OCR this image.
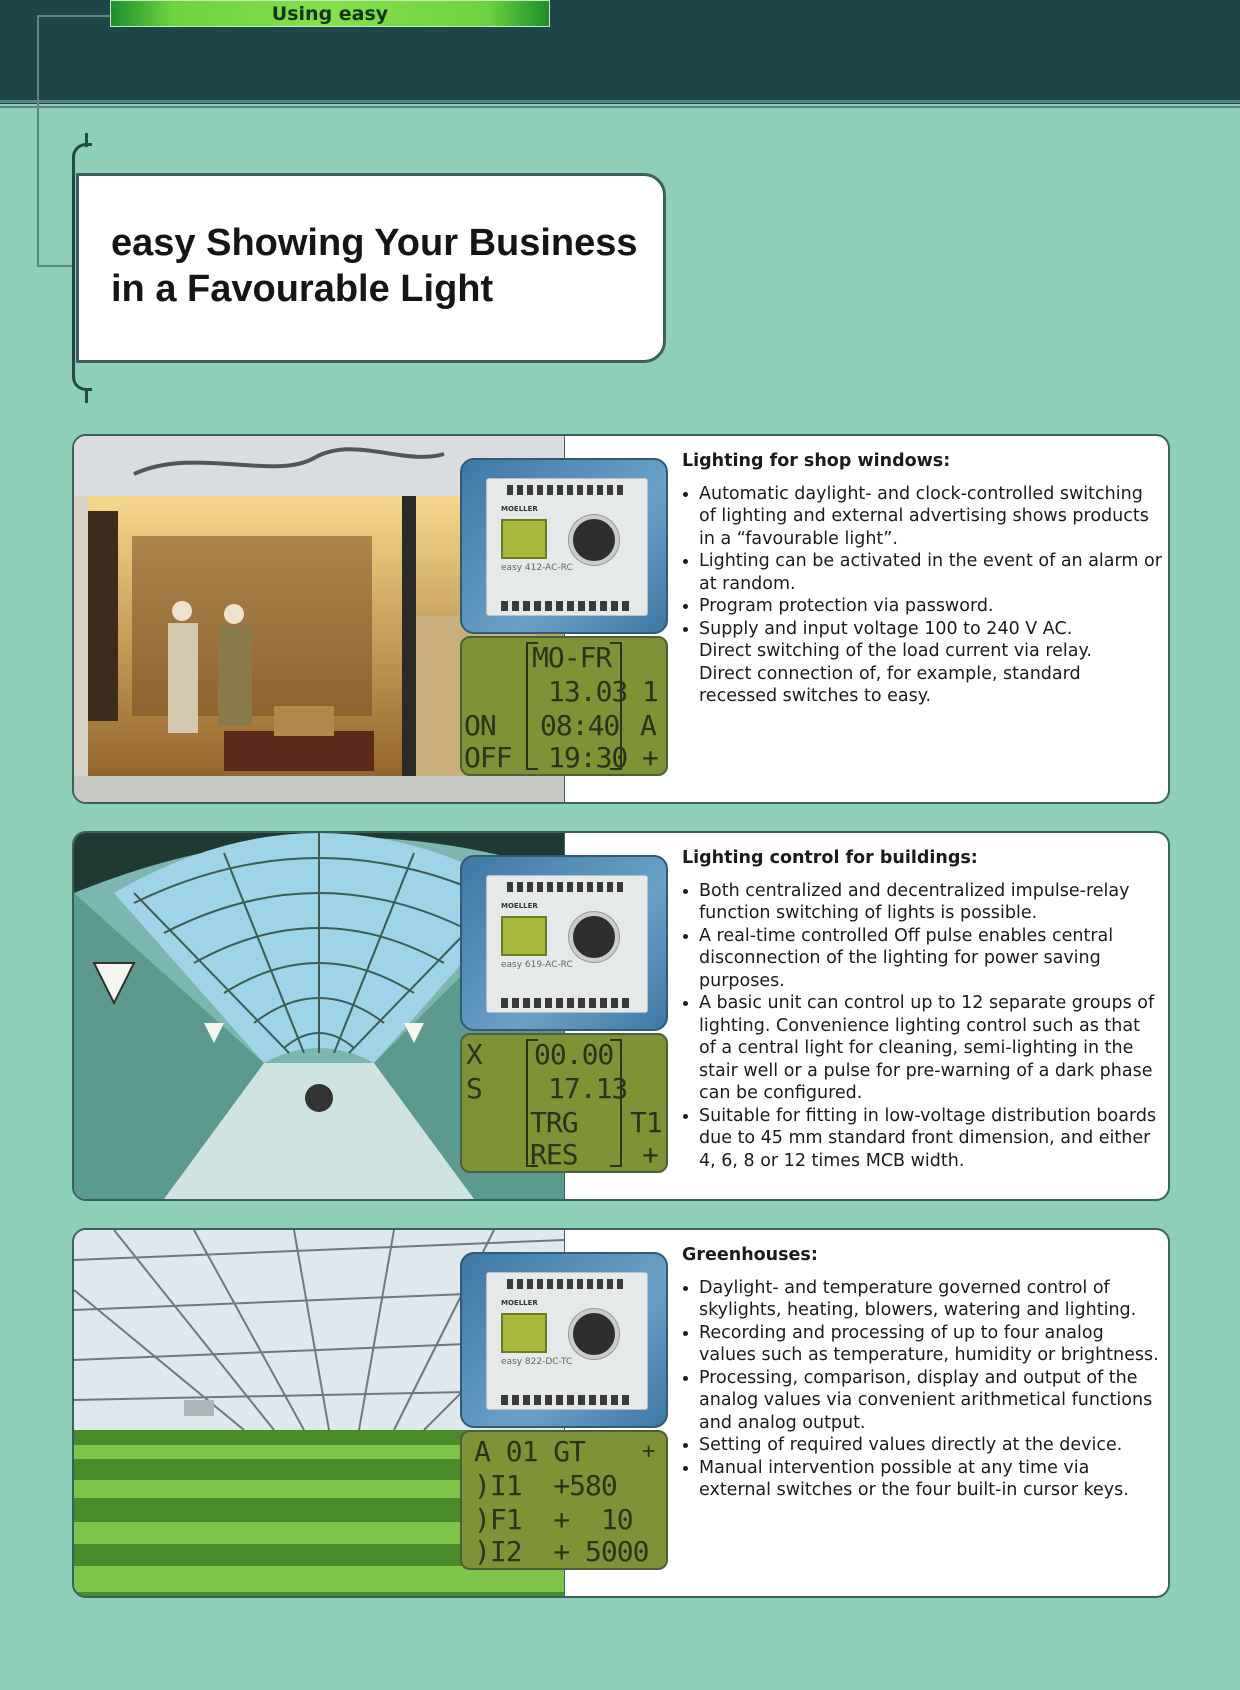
Using easy
easy Showing Your Business
in a Favourable Light
MOELLER
easy 412-AC-RC
MO-FR
13.03 1
ON 08:40 A
OFF 19:30 +
Lighting for shop windows:
• Automatic daylight- and clock-controlled switching of lighting and external advertising shows products in a “favourable light”.
• Lighting can be activated in the event of an alarm or at random.
• Program protection via password.
• Supply and input voltage 100 to 240 V AC.
Direct switching of the load current via relay.
Direct connection of, for example, standard recessed switches to easy.
MOELLER
easy 619-AC-RC
X 00.00
S 17.13
TRG T1
RES +
Lighting control for buildings:
• Both centralized and decentralized impulse-relay function switching of lights is possible.
• A real-time controlled Off pulse enables central disconnection of the lighting for power saving purposes.
• A basic unit can control up to 12 separate groups of lighting. Convenience lighting control such as that of a central light for cleaning, semi-lighting in the stair well or a pulse for pre-warning of a dark phase can be configured.
• Suitable for fitting in low-voltage distribution boards due to 45 mm standard front dimension, and either 4, 6, 8 or 12 times MCB width.
MOELLER
easy 822-DC-TC
A 01 GT	+
)I1  +580
)F1  +  10
)I2  + 5000
Greenhouses:
• Daylight- and temperature governed control of skylights, heating, blowers, watering and lighting.
• Recording and processing of up to four analog values such as temperature, humidity or brightness.
• Processing, comparison, display and output of the analog values via convenient arithmetical functions and analog output.
• Setting of required values directly at the device.
• Manual intervention possible at any time via external switches or the four built-in cursor keys.
